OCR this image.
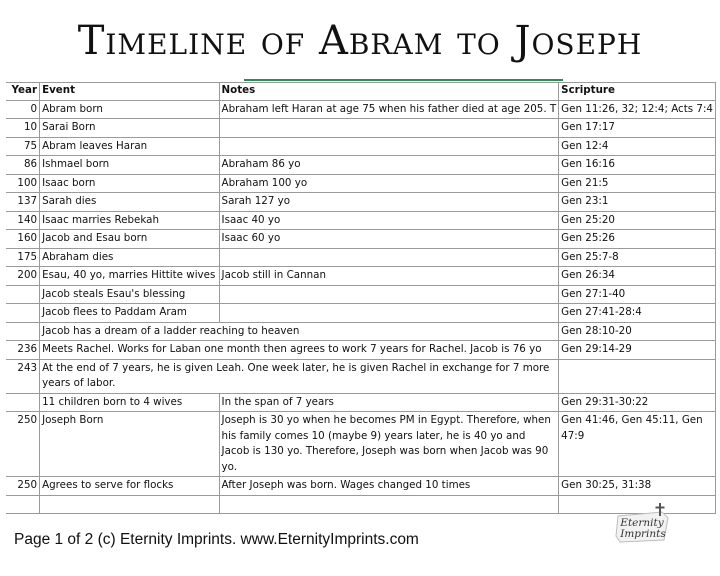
Timeline of Abram to Joseph
Year	Event	Notes	Scripture
0	Abram born	Abraham left Haran at age 75 when his father died at age 205. T	Gen 11:26, 32; 12:4; Acts 7:4
10	Sarai Born		Gen 17:17
75	Abram leaves Haran		Gen 12:4
86	Ishmael born	Abraham 86 yo	Gen 16:16
100	Isaac born	Abraham 100 yo	Gen 21:5
137	Sarah dies	Sarah 127 yo	Gen 23:1
140	Isaac marries Rebekah	Isaac 40 yo	Gen 25:20
160	Jacob and Esau born	Isaac 60 yo	Gen 25:26
175	Abraham dies		Gen 25:7-8
200	Esau, 40 yo, marries Hittite wives	Jacob still in Cannan	Gen 26:34
	Jacob steals Esau's blessing		Gen 27:1-40
	Jacob flees to Paddam Aram		Gen 27:41-28:4
	Jacob has a dream of a ladder reaching to heaven		Gen 28:10-20
236	Meets Rachel. Works for Laban one month then agrees to work 7 years for Rachel. Jacob is 76 yo		Gen 29:14-29
243	At the end of 7 years, he is given Leah. One week later, he is given Rachel in exchange for 7 more years of labor.		
	11 children born to 4 wives	In the span of 7 years	Gen 29:31-30:22
250	Joseph Born	Joseph is 30 yo when he becomes PM in Egypt. Therefore, when his family comes 10 (maybe 9) years later, he is 40 yo and Jacob is 130 yo. Therefore, Joseph was born when Jacob was 90 yo.	Gen 41:46, Gen 45:11, Gen 47:9
250	Agrees to serve for flocks	After Joseph was born. Wages changed 10 times	Gen 30:25, 31:38

Page 1 of 2 (c) Eternity Imprints. www.EternityImprints.com
Eternity
Imprints
